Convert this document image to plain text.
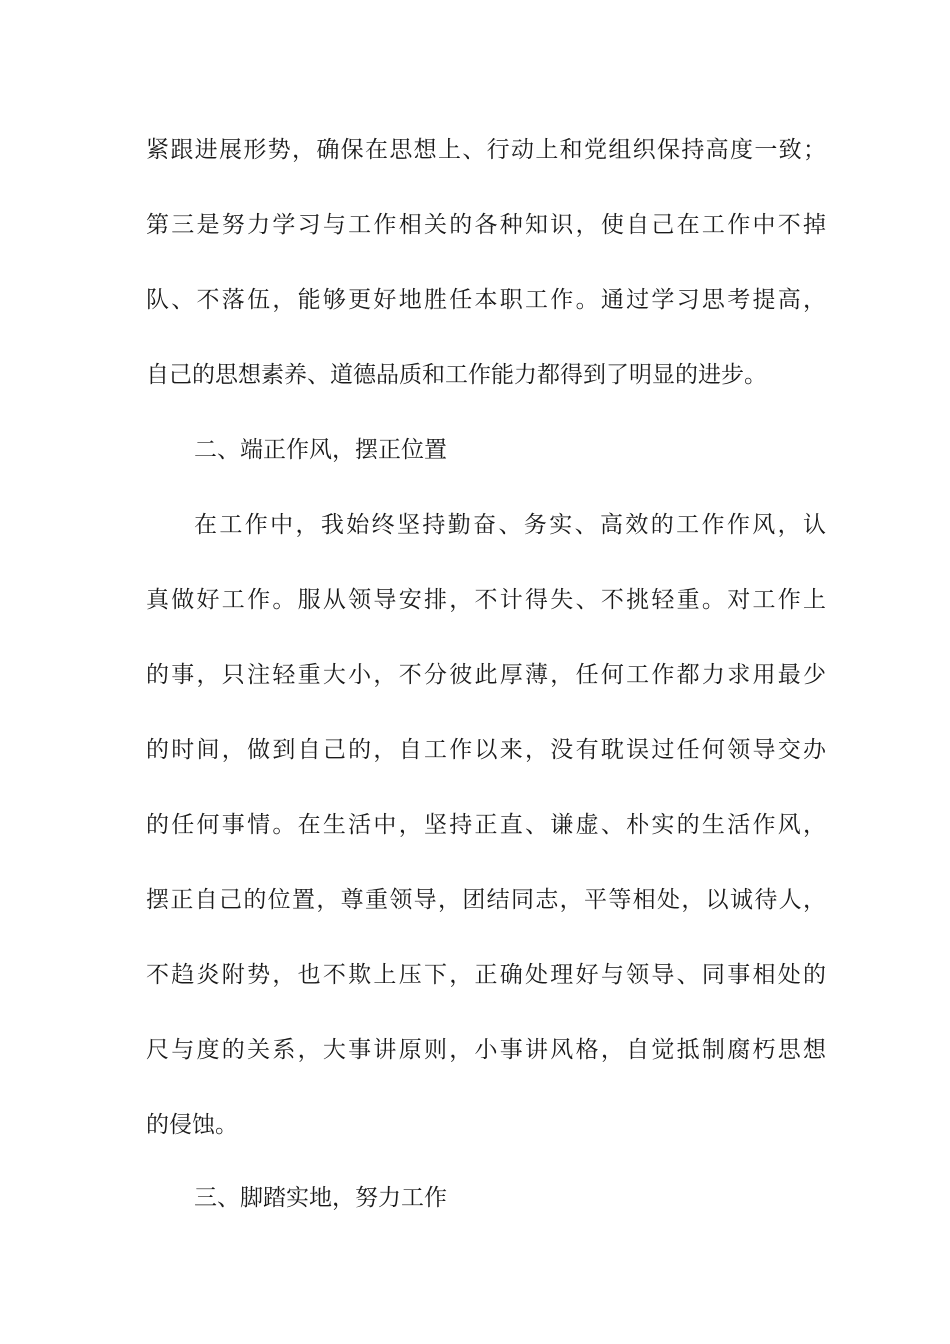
紧跟进展形势，确保在思想上、行动上和党组织保持高度一致；
第三是努力学习与工作相关的各种知识，使自己在工作中不掉
队、不落伍，能够更好地胜任本职工作。通过学习思考提高，
自己的思想素养、道德品质和工作能力都得到了明显的进步。
二、端正作风，摆正位置
在工作中，我始终坚持勤奋、务实、高效的工作作风，认
真做好工作。服从领导安排，不计得失、不挑轻重。对工作上
的事，只注轻重大小，不分彼此厚薄，任何工作都力求用最少
的时间，做到自己的，自工作以来，没有耽误过任何领导交办
的任何事情。在生活中，坚持正直、谦虚、朴实的生活作风，
摆正自己的位置，尊重领导，团结同志，平等相处，以诚待人，
不趋炎附势，也不欺上压下，正确处理好与领导、同事相处的
尺与度的关系，大事讲原则，小事讲风格，自觉抵制腐朽思想
的侵蚀。
三、脚踏实地，努力工作
